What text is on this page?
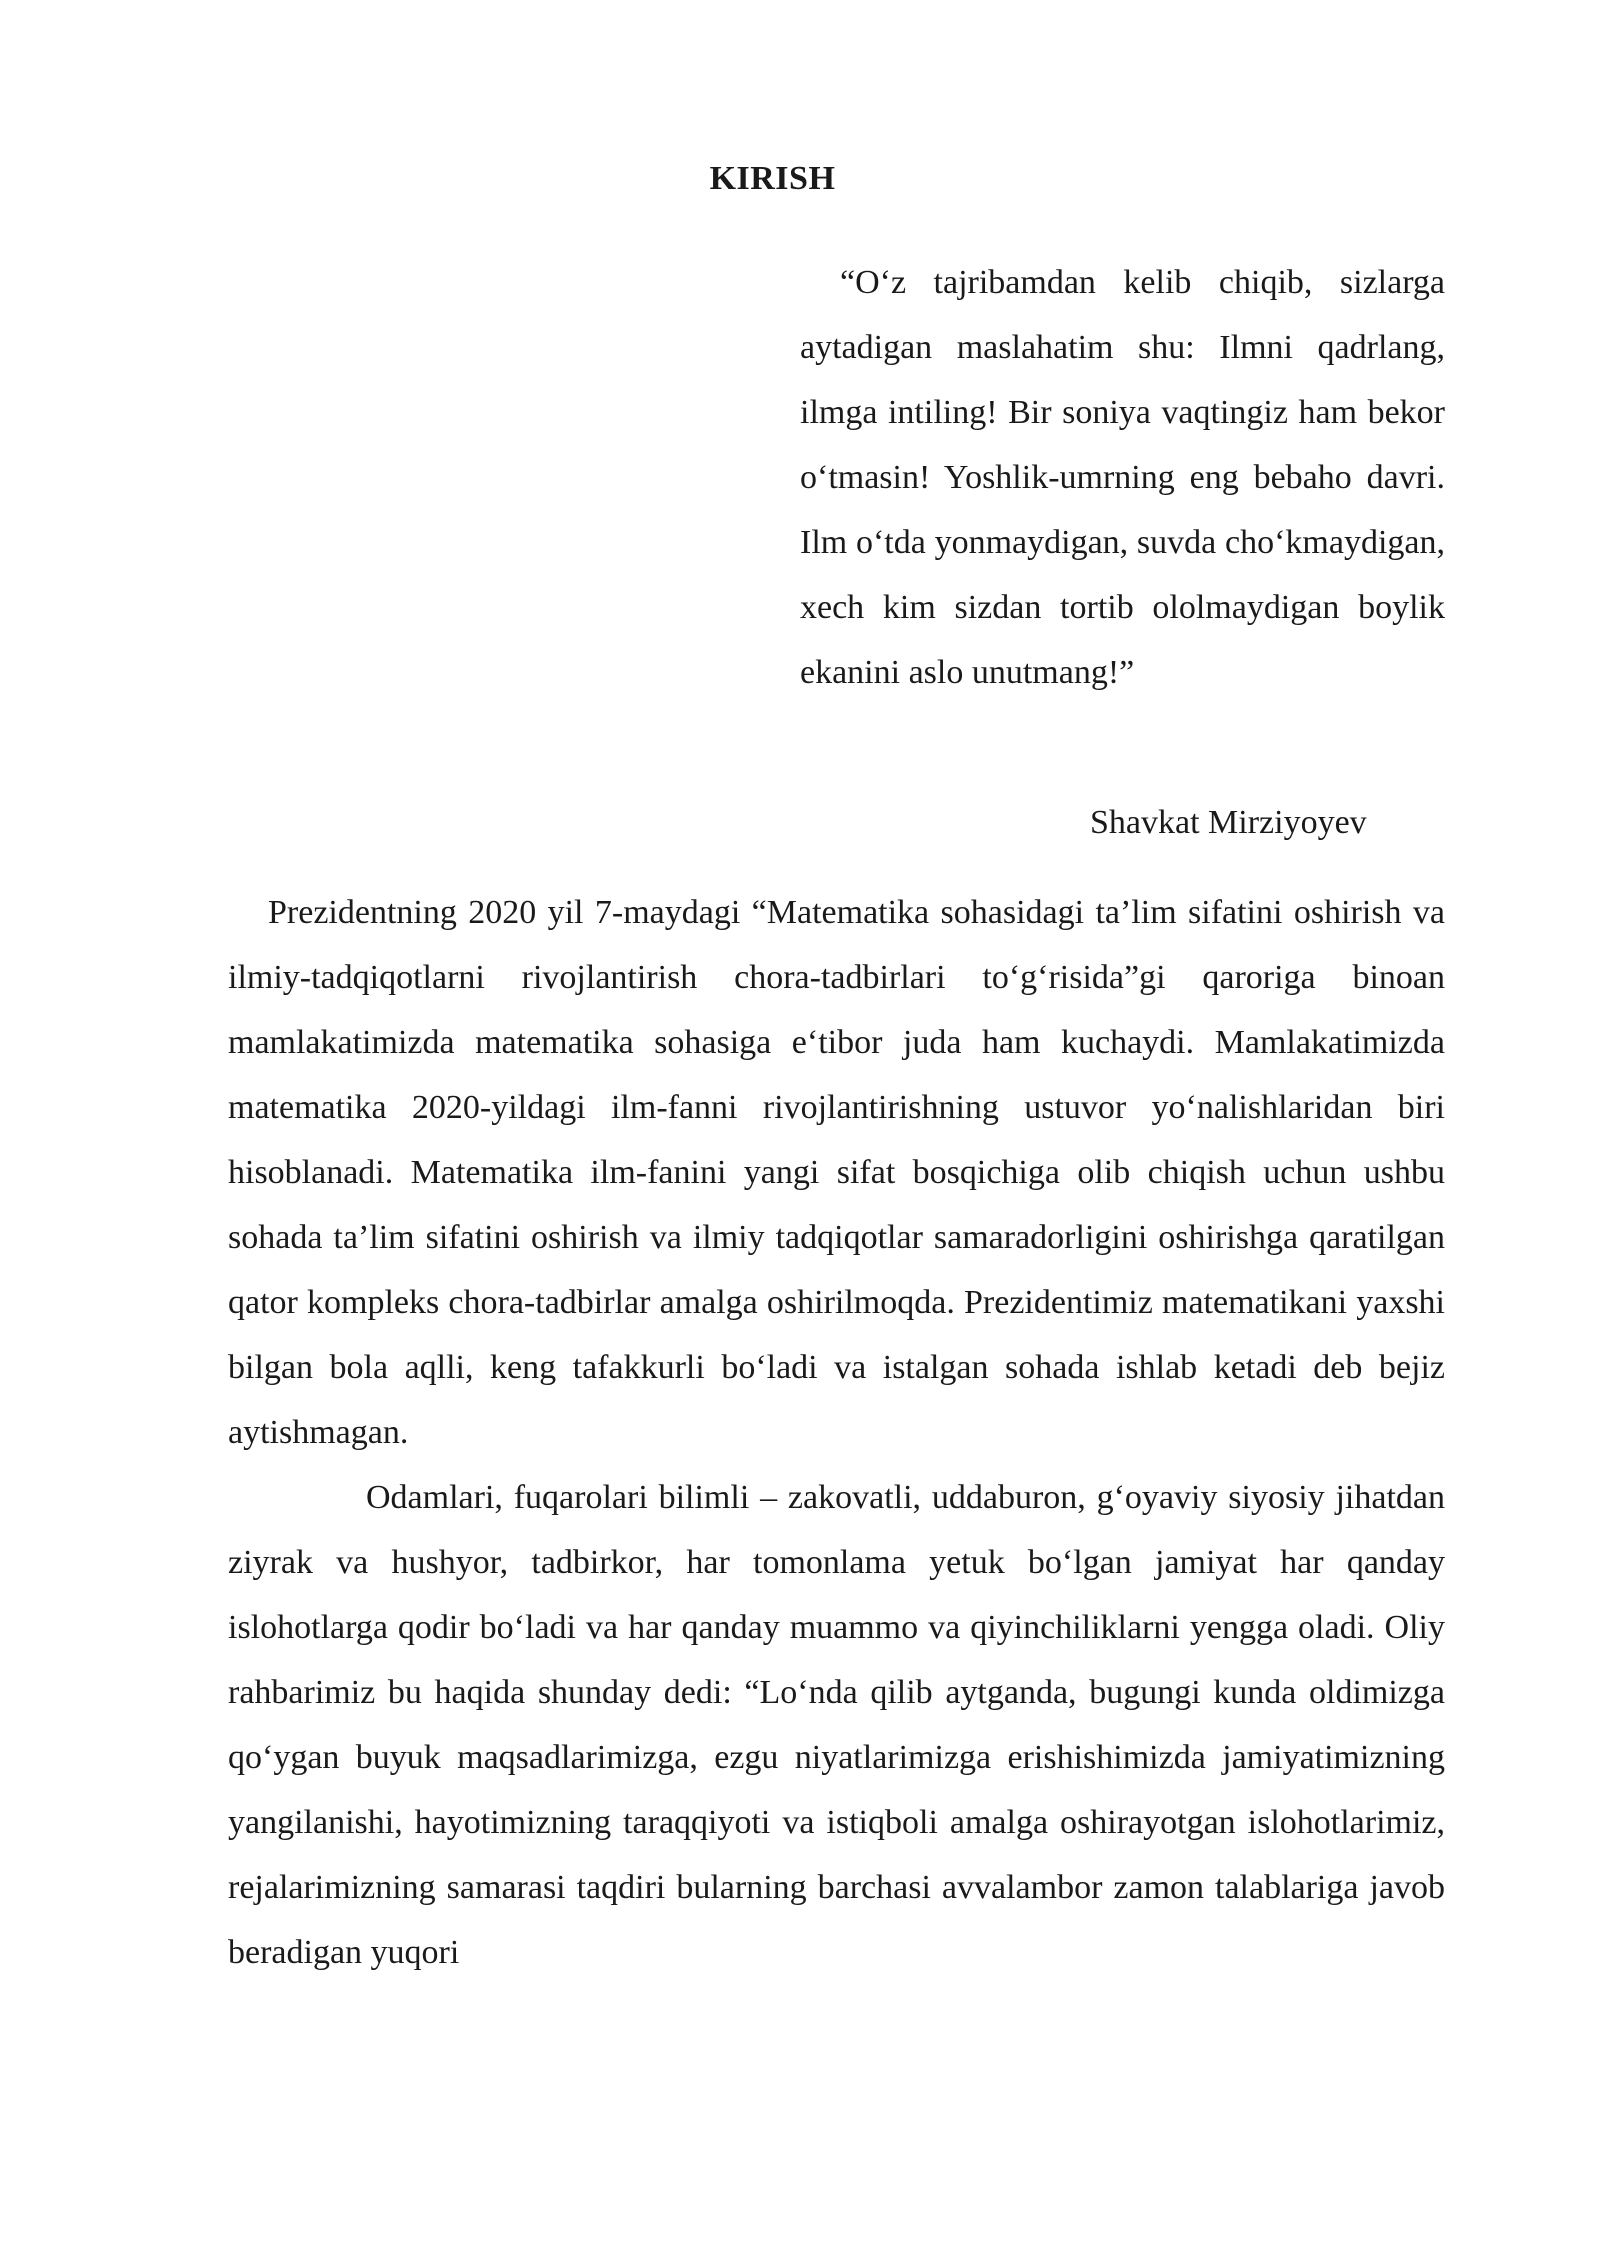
KIRISH

“O‘z tajribamdan kelib chiqib, sizlarga aytadigan maslahatim shu: Ilmni qadrlang, ilmga intiling! Bir soniya vaqtingiz ham bekor o‘tmasin! Yoshlik-umrning eng bebaho davri. Ilm o‘tda yonmaydigan, suvda cho‘kmaydigan, xech kim sizdan tortib ololmaydigan boylik ekanini aslo unutmang!”

Shavkat Mirziyoyev

Prezidentning 2020 yil 7-maydagi “Matematika sohasidagi ta’lim sifatini oshirish va ilmiy-tadqiqotlarni rivojlantirish chora-tadbirlari to‘g‘risida”gi qaroriga binoan mamlakatimizda matematika sohasiga e‘tibor juda ham kuchaydi. Mamlakatimizda matematika 2020-yildagi ilm-fanni rivojlantirishning ustuvor yo‘nalishlaridan biri hisoblanadi. Matematika ilm-fanini yangi sifat bosqichiga olib chiqish uchun ushbu sohada ta’lim sifatini oshirish va ilmiy tadqiqotlar samaradorligini oshirishga qaratilgan qator kompleks chora-tadbirlar amalga oshirilmoqda. Prezidentimiz matematikani yaxshi bilgan bola aqlli, keng tafakkurli bo‘ladi va istalgan sohada ishlab ketadi deb bejiz aytishmagan.

Odamlari, fuqarolari bilimli – zakovatli, uddaburon, g‘oyaviy siyosiy jihatdan ziyrak va hushyor, tadbirkor, har tomonlama yetuk bo‘lgan jamiyat har qanday islohotlarga qodir bo‘ladi va har qanday muammo va qiyinchiliklarni yengga oladi. Oliy rahbarimiz bu haqida shunday dedi: “Lo‘nda qilib aytganda, bugungi kunda oldimizga qo‘ygan buyuk maqsadlarimizga, ezgu niyatlarimizga erishishimizda jamiyatimizning yangilanishi, hayotimizning taraqqiyoti va istiqboli amalga oshirayotgan islohotlarimiz, rejalarimizning samarasi taqdiri bularning barchasi avvalambor zamon talablariga javob beradigan yuqori
